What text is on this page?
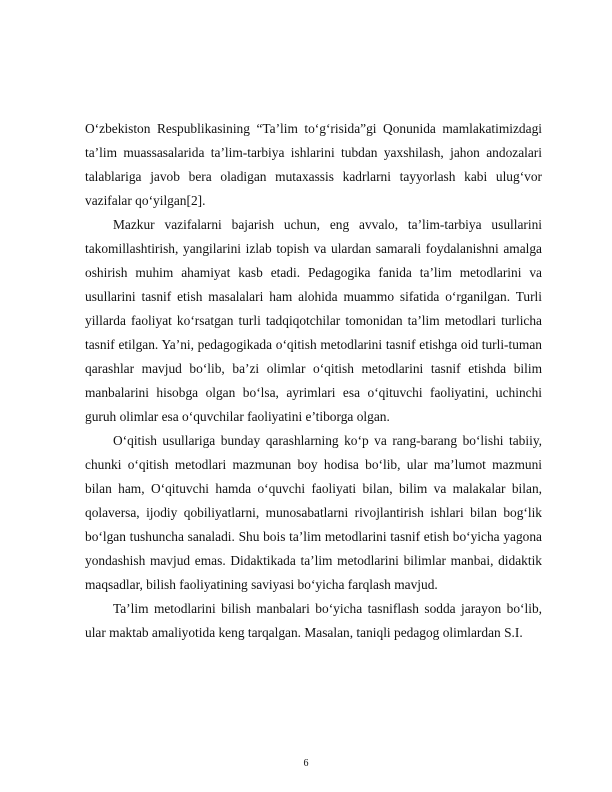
O‘zbekiston Respublikasining “Ta’lim to‘g‘risida”gi Qonunida mamlakatimizdagi ta’lim muassasalarida ta’lim-tarbiya ishlarini tubdan yaxshilash, jahon andozalari talablariga javob bera oladigan mutaxassis kadrlarni tayyorlash kabi ulug‘vor vazifalar qo‘yilgan[2].

Mazkur vazifalarni bajarish uchun, eng avvalo, ta’lim-tarbiya usullarini takomillashtirish, yangilarini izlab topish va ulardan samarali foydalanishni amalga oshirish muhim ahamiyat kasb etadi. Pedagogika fanida ta’lim metodlarini va usullarini tasnif etish masalalari ham alohida muammo sifatida o‘rganilgan. Turli yillarda faoliyat ko‘rsatgan turli tadqiqotchilar tomonidan ta’lim metodlari turlicha tasnif etilgan. Ya’ni, pedagogikada o‘qitish metodlarini tasnif etishga oid turli-tuman qarashlar mavjud bo‘lib, ba’zi olimlar o‘qitish metodlarini tasnif etishda bilim manbalarini hisobga olgan bo‘lsa, ayrimlari esa o‘qituvchi faoliyatini, uchinchi guruh olimlar esa o‘quvchilar faoliyatini e’tiborga olgan.

O‘qitish usullariga bunday qarashlarning ko‘p va rang-barang bo‘lishi tabiiy, chunki o‘qitish metodlari mazmunan boy hodisa bo‘lib, ular ma’lumot mazmuni bilan ham, O‘qituvchi hamda o‘quvchi faoliyati bilan, bilim va malakalar bilan, qolaversa, ijodiy qobiliyatlarni, munosabatlarni rivojlantirish ishlari bilan bog‘lik bo‘lgan tushuncha sanaladi. Shu bois ta’lim metodlarini tasnif etish bo‘yicha yagona yondashish mavjud emas. Didaktikada ta’lim metodlarini bilimlar manbai, didaktik maqsadlar, bilish faoliyatining saviyasi bo‘yicha farqlash mavjud.

Ta’lim metodlarini bilish manbalari bo‘yicha tasniflash sodda jarayon bo‘lib, ular maktab amaliyotida keng tarqalgan. Masalan, taniqli pedagog olimlardan S.I.

6
